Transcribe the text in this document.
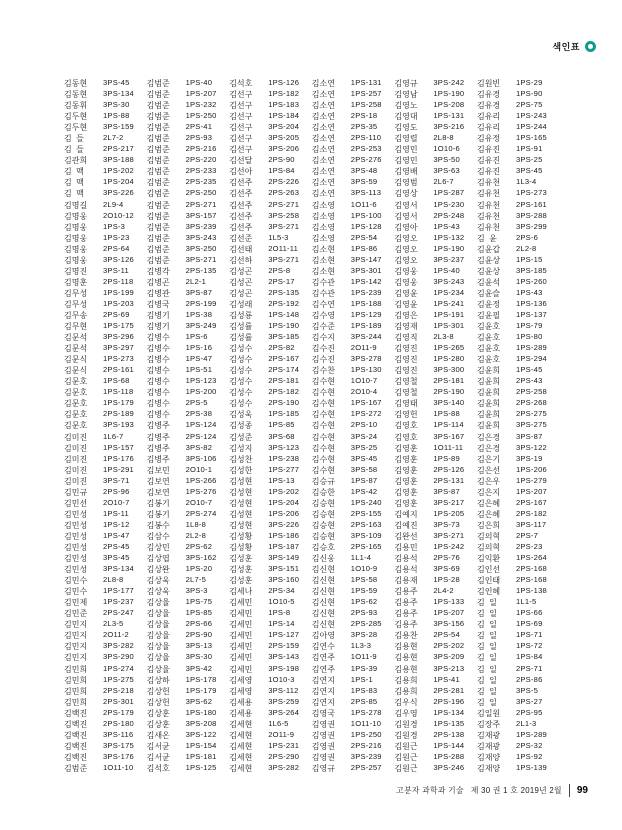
색인표
김동현	3PS-45	김범준	1PS-40	김석호	1PS-126	김소연	1PS-131	김영규	3PS-242	김원빈	1PS-29
김동현	3PS-134	김범준	1PS-207	김선구	1PS-182	김소연	1PS-257	김영남	1PS-190	김유경	1PS-90
김동휘	3PS-30	김범준	1PS-232	김선구	1PS-183	김소연	1PS-258	김영노	1PS-208	김유경	2PS-75
김두현	1PS-88	김범준	1PS-250	김선구	1PS-184	김소연	2PS-18	김영대	1PS-131	김유리	1PS-243
김두현	3PS-159	김범준	2PS-41	김선구	3PS-204	김소연	2PS-35	김영도	3PS-216	김유리	1PS-244
김  들	2L7-2	김범준	2PS-93	김선구	3PS-205	김소연	2PS-110	김영렬	2L8-8	김유정	1PS-165
김  들	2PS-217	김범준	2PS-216	김선구	3PS-206	김소연	2PS-253	김영민	1O10-6	김유진	1PS-91
김관희	3PS-188	김범준	2PS-220	김선달	2PS-90	김소연	2PS-276	김영민	3PS-50	김유진	3PS-25
김  맥	1PS-202	김범준	2PS-233	김선아	1PS-84	김소연	3PS-48	김영배	3PS-63	김유진	3PS-45
김  맥	1PS-204	김범준	2PS-235	김선주	2PS-226	김소연	3PS-59	김영범	2L6-7	김유천	1L3-4
김  맥	3PS-226	김범준	2PS-250	김선주	2PS-263	김소연	3PS-113	김영상	1PS-287	김유천	1PS-273
김명길	2L9-4	김범준	2PS-271	김선주	2PS-271	김소영	1O11-6	김영서	1PS-230	김유천	2PS-161
김명웅	2O10-12	김범준	3PS-157	김선주	3PS-258	김소영	1PS-100	김영서	2PS-248	김유천	3PS-288
김명웅	1PS-3	김범준	3PS-239	김선주	3PS-271	김소영	1PS-128	김영아	1PS-43	김유천	3PS-299
김명웅	1PS-23	김범준	3PS-243	김선준	1L5-3	김소영	2PS-54	김영오	1PS-132	김  윤	2PS-6
김명웅	2PS-64	김범준	3PS-250	김선태	2O11-11	김소현	1PS-86	김영오	1PS-190	김윤갑	2L2-8
김명웅	3PS-126	김범준	3PS-271	김선하	3PS-271	김소현	3PS-147	김영오	3PS-237	김윤상	1PS-15
김명진	3PS-11	김병각	2PS-135	김성곤	2PS-8	김소현	3PS-301	김영웅	1PS-40	김윤상	3PS-185
김명훈	2PS-118	김병곤	2L2-1	김성곤	2PS-17	김수관	1PS-142	김영웅	3PS-243	김윤석	1PS-260
김무성	1PS-199	김병관	3PS-87	김성곤	2PS-135	김수관	1PS-239	김영윤	1PS-234	김윤슬	1PS-43
김무성	1PS-203	김병국	2PS-199	김성래	2PS-192	김수연	1PS-188	김영윤	1PS-241	김윤정	1PS-136
김무송	2PS-69	김병기	1PS-38	김성룡	1PS-148	김수영	1PS-129	김영은	1PS-191	김윤필	1PS-137
김무현	1PS-175	김병기	3PS-249	김성률	1PS-190	김수준	1PS-189	김영재	1PS-301	김윤호	1PS-79
김문석	3PS-296	김병수	1PS-6	김성률	3PS-185	김수지	3PS-244	김영직	2L3-8	김윤호	1PS-80
김문석	3PS-297	김병수	1PS-16	김성수	2PS-82	김수진	2O11-9	김영진	1PS-265	김윤호	1PS-289
김문식	1PS-273	김병수	1PS-47	김성수	2PS-167	김수진	3PS-278	김영진	1PS-280	김윤호	1PS-294
김문식	2PS-161	김병수	1PS-51	김성수	2PS-174	김수찬	1PS-130	김영진	3PS-300	김윤희	1PS-45
김문호	1PS-68	김병수	1PS-123	김성수	2PS-181	김수현	1O10-7	김영철	2PS-181	김윤희	2PS-43
김문호	1PS-118	김병수	1PS-200	김성수	2PS-182	김수현	2O10-4	김영철	2PS-190	김윤희	2PS-258
김문호	1PS-179	김병수	2PS-5	김성수	2PS-190	김수현	1PS-167	김영태	3PS-140	김윤희	2PS-268
김문호	2PS-189	김병수	2PS-38	김성욱	1PS-185	김수현	1PS-272	김영헌	1PS-88	김윤희	2PS-275
김문호	3PS-193	김병주	1PS-124	김성종	1PS-85	김수현	2PS-10	김영호	1PS-114	김윤희	3PS-275
김미진	1L6-7	김병주	2PS-124	김성준	3PS-68	김수현	3PS-24	김영호	3PS-167	김은경	3PS-87
김미진	1PS-157	김병주	3PS-82	김성지	3PS-123	김수현	3PS-25	김영훈	1O11-11	김은경	3PS-122
김미진	1PS-176	김병주	3PS-106	김성찬	1PS-238	김수현	3PS-45	김영훈	1PS-89	김은기	3PS-19
김미진	1PS-291	김보민	2O10-1	김성한	1PS-277	김수현	3PS-58	김영훈	2PS-126	김은선	1PS-206
김미진	3PS-71	김보연	1PS-266	김성현	1PS-13	김승규	1PS-87	김영훈	2PS-131	김은우	1PS-279
김민규	2PS-96	김보연	1PS-276	김성현	1PS-202	김승한	1PS-42	김영훈	3PS-87	김은지	1PS-207
김민선	2O10-7	김봉기	2O10-7	김성현	1PS-204	김승현	1PS-240	김영훈	3PS-217	김은혜	2PS-167
김민성	1PS-11	김봉기	2PS-274	김성현	1PS-206	김승현	2PS-155	김예지	1PS-205	김은혜	2PS-182
김민성	1PS-12	김봉수	1L8-8	김성현	3PS-226	김승현	2PS-163	김예진	3PS-73	김은희	3PS-117
김민성	1PS-47	김삼수	2L2-8	김성황	1PS-186	김승현	3PS-109	김완선	3PS-271	김의혁	2PS-7
김민성	2PS-45	김상민	2PS-62	김성황	1PS-187	김승호	2PS-165	김용민	1PS-242	김의혁	2PS-23
김민성	3PS-45	김상엽	3PS-162	김성훈	3PS-149	김신웅	1L1-4	김용석	2PS-76	김익환	1PS-264
김민성	3PS-134	김상완	1PS-20	김성훈	3PS-151	김신현	1O10-9	김용석	3PS-69	김인선	2PS-168
김민수	2L8-8	김상욱	2L7-5	김성훈	3PS-160	김신현	1PS-58	김용재	1PS-28	김인태	2PS-168
김민수	1PS-177	김상욱	3PS-3	김세나	2PS-34	김신현	1PS-59	김용주	2L4-2	김인혜	1PS-138
김민제	1PS-237	김상율	1PS-75	김세민	1O10-5	김신현	1PS-62	김용주	1PS-133	김  일	1L1-5
김민준	2PS-247	김상율	1PS-85	김세민	1PS-8	김신현	2PS-93	김용주	1PS-207	김  일	1PS-66
김민지	2L3-5	김상율	2PS-66	김세민	1PS-14	김신현	2PS-285	김용주	3PS-156	김  일	1PS-69
김민지	2O11-2	김상율	2PS-90	김세민	1PS-127	김아영	3PS-28	김용찬	2PS-54	김  일	1PS-71
김민지	3PS-282	김상율	3PS-13	김세민	2PS-159	김연수	1L3-3	김용현	2PS-202	김  일	1PS-72
김민지	3PS-290	김상율	3PS-30	김세민	3PS-143	김연주	1O11-9	김용현	3PS-209	김  일	1PS-84
김민희	1PS-274	김상율	3PS-42	김세민	3PS-198	김연주	1PS-39	김용현	3PS-213	김  일	2PS-71
김민희	1PS-275	김상하	1PS-178	김세영	1O10-3	김연지	1PS-1	김용희	1PS-41	김  일	2PS-86
김민희	2PS-218	김상헌	1PS-179	김세영	3PS-112	김연지	1PS-83	김용희	2PS-281	김  일	3PS-5
김민희	2PS-301	김상헌	3PS-62	김세용	3PS-259	김연지	2PS-85	김우식	2PS-196	김  일	3PS-27
김백진	2PS-179	김상훈	1PS-180	김세용	3PS-264	김영국	1PS-278	김우영	1PS-134	김일원	2PS-95
김백진	2PS-180	김상훈	3PS-208	김세현	1L6-5	김영권	1O11-10	김원경	1PS-135	김장주	2L1-3
김백진	3PS-116	김새온	3PS-122	김세현	2O11-9	김영권	1PS-250	김원경	2PS-138	김재광	1PS-289
김백진	3PS-175	김서균	1PS-154	김세현	1PS-231	김영권	2PS-216	김원근	1PS-144	김재광	2PS-32
김백진	3PS-176	김서균	1PS-181	김세현	2PS-290	김영권	3PS-239	김원근	1PS-288	김재양	1PS-92
김범준	1O11-10	김석호	1PS-125	김세현	3PS-282	김영규	2PS-257	김원근	3PS-246	김재양	1PS-139
고분자 과학과 기술 제 30 권 1 호 2019년 2월	99
